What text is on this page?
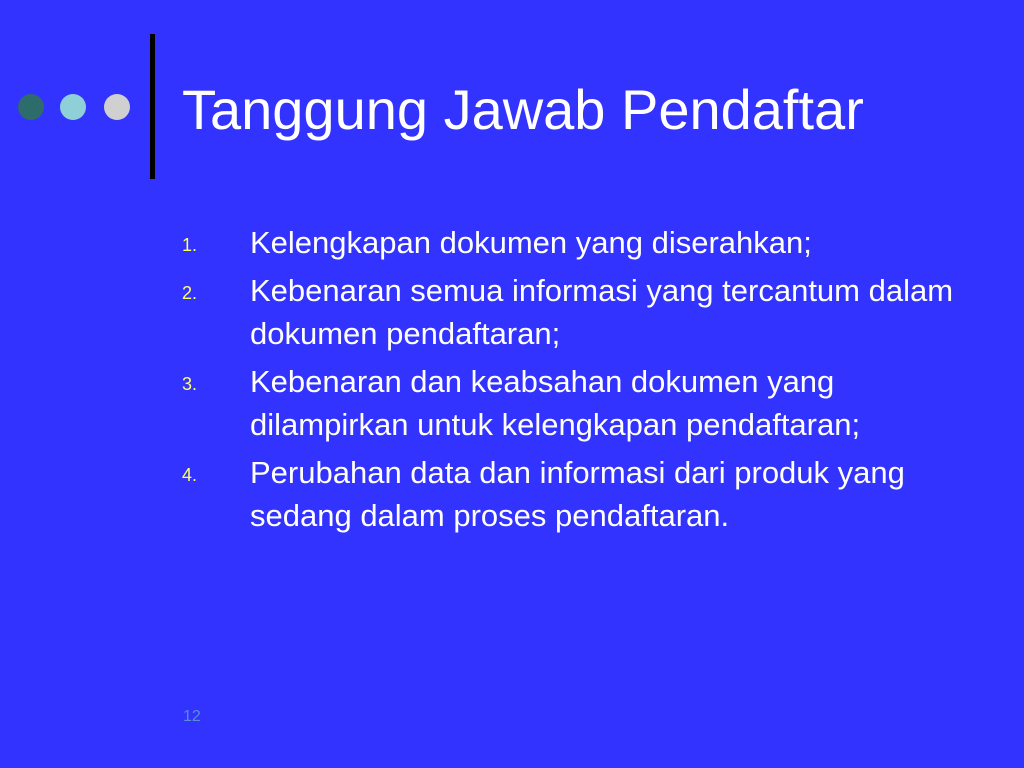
Tanggung Jawab Pendaftar
1. Kelengkapan dokumen yang diserahkan;
2. Kebenaran semua informasi yang tercantum dalam dokumen pendaftaran;
3. Kebenaran dan keabsahan dokumen yang dilampirkan untuk kelengkapan pendaftaran;
4. Perubahan data dan informasi dari produk yang sedang dalam proses pendaftaran.
12
